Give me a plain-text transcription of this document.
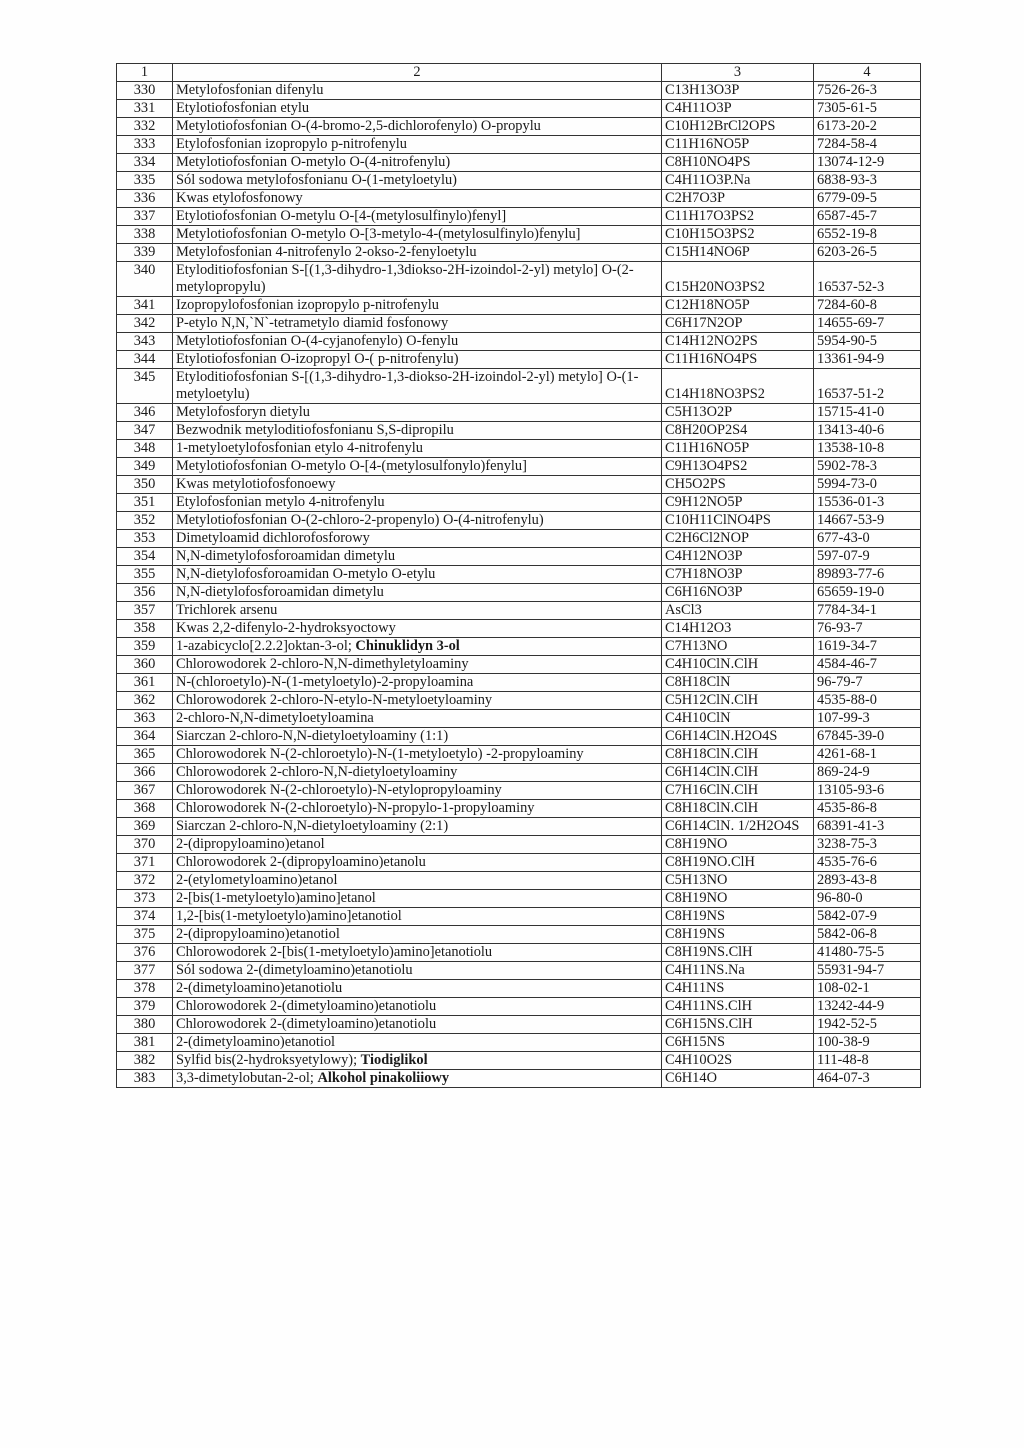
1	2	3	4
330	Metylofosfonian difenylu	C13H13O3P	7526-26-3
331	Etylotiofosfonian etylu	C4H11O3P	7305-61-5
332	Metylotiofosfonian O-(4-bromo-2,5-dichlorofenylo) O-propylu	C10H12BrCl2OPS	6173-20-2
333	Etylofosfonian izopropylo p-nitrofenylu	C11H16NO5P	7284-58-4
334	Metylotiofosfonian O-metylo O-(4-nitrofenylu)	C8H10NO4PS	13074-12-9
335	Sól sodowa metylofosfonianu O-(1-metyloetylu)	C4H11O3P.Na	6838-93-3
336	Kwas etylofosfonowy	C2H7O3P	6779-09-5
337	Etylotiofosfonian O-metylu O-[4-(metylosulfinylo)fenyl]	C11H17O3PS2	6587-45-7
338	Metylotiofosfonian O-metylo O-[3-metylo-4-(metylosulfinylo)fenylu]	C10H15O3PS2	6552-19-8
339	Metylofosfonian 4-nitrofenylo 2-okso-2-fenyloetylu	C15H14NO6P	6203-26-5
340	Etyloditiofosfonian S-[(1,3-dihydro-1,3diokso-2H-izoindol-2-yl) metylo] O-(2-metylopropylu)	C15H20NO3PS2	16537-52-3
341	Izopropylofosfonian izopropylo p-nitrofenylu	C12H18NO5P	7284-60-8
342	P-etylo N,N,`N`-tetrametylo diamid fosfonowy	C6H17N2OP	14655-69-7
343	Metylotiofosfonian O-(4-cyjanofenylo) O-fenylu	C14H12NO2PS	5954-90-5
344	Etylotiofosfonian O-izopropyl O-( p-nitrofenylu)	C11H16NO4PS	13361-94-9
345	Etyloditiofosfonian S-[(1,3-dihydro-1,3-diokso-2H-izoindol-2-yl) metylo] O-(1-metyloetylu)	C14H18NO3PS2	16537-51-2
346	Metylofosforyn dietylu	C5H13O2P	15715-41-0
347	Bezwodnik metyloditiofosfonianu S,S-dipropilu	C8H20OP2S4	13413-40-6
348	1-metyloetylofosfonian etylo 4-nitrofenylu	C11H16NO5P	13538-10-8
349	Metylotiofosfonian O-metylo O-[4-(metylosulfonylo)fenylu]	C9H13O4PS2	5902-78-3
350	Kwas metylotiofosfonoewy	CH5O2PS	5994-73-0
351	Etylofosfonian metylo 4-nitrofenylu	C9H12NO5P	15536-01-3
352	Metylotiofosfonian O-(2-chloro-2-propenylo) O-(4-nitrofenylu)	C10H11ClNO4PS	14667-53-9
353	Dimetyloamid dichlorofosforowy	C2H6Cl2NOP	677-43-0
354	N,N-dimetylofosforoamidan dimetylu	C4H12NO3P	597-07-9
355	N,N-dietylofosforoamidan O-metylo O-etylu	C7H18NO3P	89893-77-6
356	N,N-dietylofosforoamidan dimetylu	C6H16NO3P	65659-19-0
357	Trichlorek arsenu	AsCl3	7784-34-1
358	Kwas 2,2-difenylo-2-hydroksyoctowy	C14H12O3	76-93-7
359	1-azabicyclo[2.2.2]oktan-3-ol; Chinuklidyn 3-ol	C7H13NO	1619-34-7
360	Chlorowodorek 2-chloro-N,N-dimethyletyloaminy	C4H10ClN.ClH	4584-46-7
361	N-(chloroetylo)-N-(1-metyloetylo)-2-propyloamina	C8H18ClN	96-79-7
362	Chlorowodorek 2-chloro-N-etylo-N-metyloetyloaminy	C5H12ClN.ClH	4535-88-0
363	2-chloro-N,N-dimetyloetyloamina	C4H10ClN	107-99-3
364	Siarczan 2-chloro-N,N-dietyloetyloaminy (1:1)	C6H14ClN.H2O4S	67845-39-0
365	Chlorowodorek N-(2-chloroetylo)-N-(1-metyloetylo) -2-propyloaminy	C8H18ClN.ClH	4261-68-1
366	Chlorowodorek 2-chloro-N,N-dietyloetyloaminy	C6H14ClN.ClH	869-24-9
367	Chlorowodorek N-(2-chloroetylo)-N-etylopropyloaminy	C7H16ClN.ClH	13105-93-6
368	Chlorowodorek N-(2-chloroetylo)-N-propylo-1-propyloaminy	C8H18ClN.ClH	4535-86-8
369	Siarczan 2-chloro-N,N-dietyloetyloaminy (2:1)	C6H14ClN. 1/2H2O4S	68391-41-3
370	2-(dipropyloamino)etanol	C8H19NO	3238-75-3
371	Chlorowodorek 2-(dipropyloamino)etanolu	C8H19NO.ClH	4535-76-6
372	2-(etylometyloamino)etanol	C5H13NO	2893-43-8
373	2-[bis(1-metyloetylo)amino]etanol	C8H19NO	96-80-0
374	1,2-[bis(1-metyloetylo)amino]etanotiol	C8H19NS	5842-07-9
375	2-(dipropyloamino)etanotiol	C8H19NS	5842-06-8
376	Chlorowodorek 2-[bis(1-metyloetylo)amino]etanotiolu	C8H19NS.ClH	41480-75-5
377	Sól sodowa 2-(dimetyloamino)etanotiolu	C4H11NS.Na	55931-94-7
378	2-(dimetyloamino)etanotiolu	C4H11NS	108-02-1
379	Chlorowodorek 2-(dimetyloamino)etanotiolu	C4H11NS.ClH	13242-44-9
380	Chlorowodorek 2-(dimetyloamino)etanotiolu	C6H15NS.ClH	1942-52-5
381	2-(dimetyloamino)etanotiol	C6H15NS	100-38-9
382	Sylfid bis(2-hydroksyetylowy); Tiodiglikol	C4H10O2S	111-48-8
383	3,3-dimetylobutan-2-ol; Alkohol pinakoliiowy	C6H14O	464-07-3
